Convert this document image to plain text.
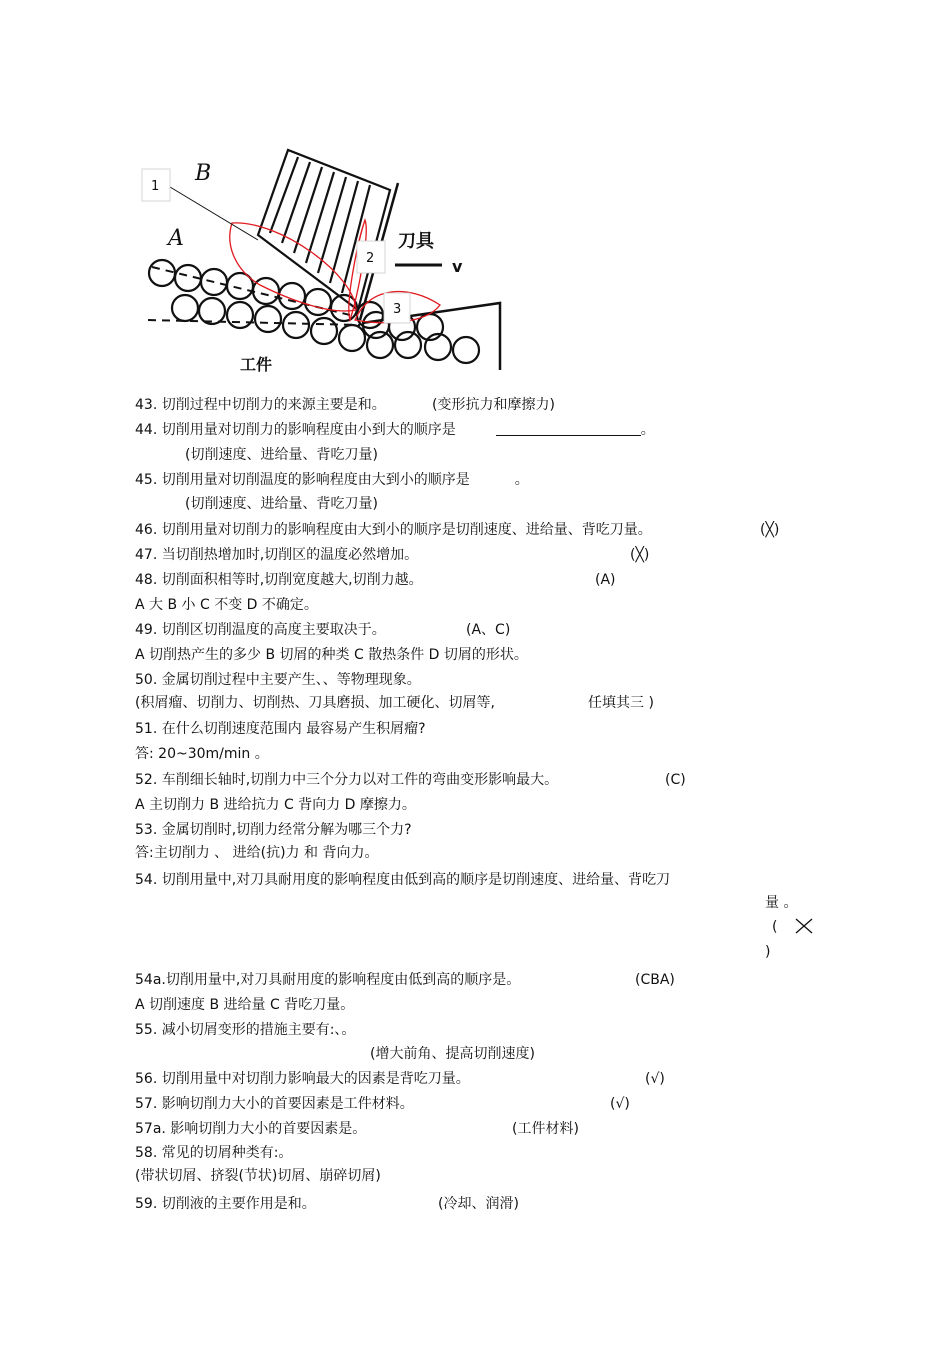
B
A	刀具
v
工件
1
2
3
43. 切削过程中切削力的来源主要是和。	(变形抗力和摩擦力)
44. 切削用量对切削力的影响程度由小到大的顺序是	。
(切削速度、进给量、背吃刀量)
45. 切削用量对切削温度的影响程度由大到小的顺序是	。
(切削速度、进给量、背吃刀量)
46. 切削用量对切削力的影响程度由大到小的顺序是切削速度、进给量、背吃刀量。	(╳)
47. 当切削热增加时,切削区的温度必然增加。	(╳)
48. 切削面积相等时,切削宽度越大,切削力越。	(A)
A 大 B 小 C 不变 D 不确定。
49. 切削区切削温度的高度主要取决于。	(A、C)
A 切削热产生的多少 B 切屑的种类 C 散热条件 D 切屑的形状。
50. 金属切削过程中主要产生、、等物理现象。
(积屑瘤、切削力、切削热、刀具磨损、加工硬化、切屑等,	任填其三 )
51. 在什么切削速度范围内 最容易产生积屑瘤?
答: 20~30m/min 。
52. 车削细长轴时,切削力中三个分力以对工件的弯曲变形影响最大。	(C)
A 主切削力 B 进给抗力 C 背向力 D 摩擦力。
53. 金属切削时,切削力经常分解为哪三个力?
答:主切削力 、 进给(抗)力 和 背向力。
54. 切削用量中,对刀具耐用度的影响程度由低到高的顺序是切削速度、进给量、背吃刀
量 。
(
)
54a.切削用量中,对刀具耐用度的影响程度由低到高的顺序是。	(CBA)
A 切削速度 B 进给量 C 背吃刀量。
55. 减小切屑变形的措施主要有:、。
(增大前角、提高切削速度)
56. 切削用量中对切削力影响最大的因素是背吃刀量。	(√)
57. 影响切削力大小的首要因素是工件材料。	(√)
57a. 影响切削力大小的首要因素是。	(工件材料)
58. 常见的切屑种类有:。
(带状切屑、挤裂(节状)切屑、崩碎切屑)
59. 切削液的主要作用是和。	(冷却、润滑)
